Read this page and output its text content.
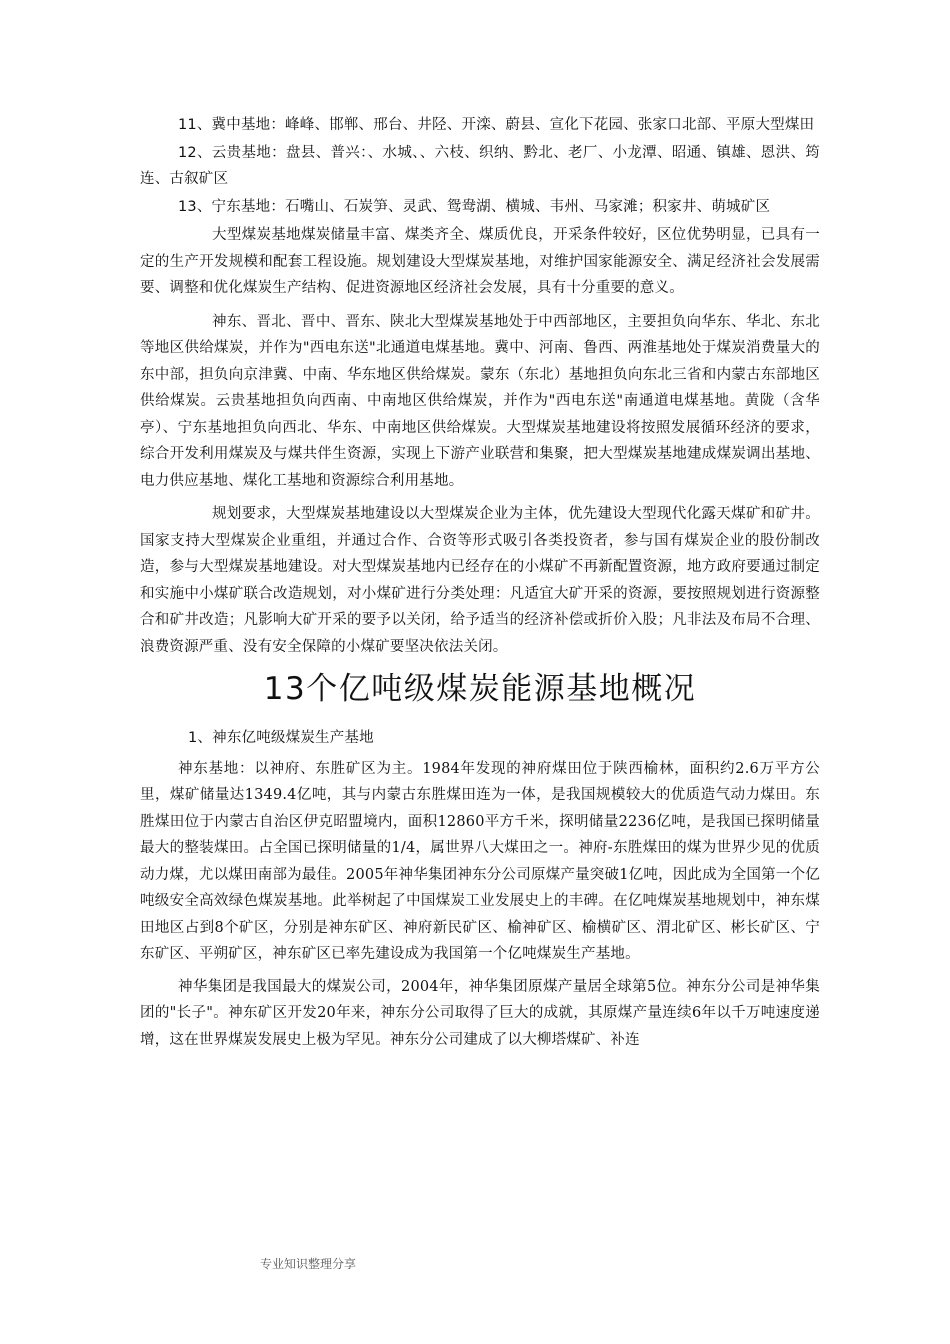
11、冀中基地：峰峰、邯郸、邢台、井陉、开滦、蔚县、宣化下花园、张家口北部、平原大型煤田

12、云贵基地：盘县、普兴：、水城、、六枝、织纳、黔北、老厂、小龙潭、昭通、镇雄、恩洪、筠连、古叙矿区

13、宁东基地：石嘴山、石炭笋、灵武、鸳鸯湖、横城、韦州、马家滩；积家井、萌城矿区

大型煤炭基地煤炭储量丰富、煤类齐全、煤质优良，开采条件较好，区位优势明显，已具有一定的生产开发规模和配套工程设施。规划建设大型煤炭基地，对维护国家能源安全、满足经济社会发展需要、调整和优化煤炭生产结构、促进资源地区经济社会发展，具有十分重要的意义。

神东、晋北、晋中、晋东、陕北大型煤炭基地处于中西部地区，主要担负向华东、华北、东北等地区供给煤炭，并作为"西电东送"北通道电煤基地。冀中、河南、鲁西、两淮基地处于煤炭消费量大的东中部，担负向京津冀、中南、华东地区供给煤炭。蒙东（东北）基地担负向东北三省和内蒙古东部地区供给煤炭。云贵基地担负向西南、中南地区供给煤炭，并作为"西电东送"南通道电煤基地。黄陇（含华亭）、宁东基地担负向西北、华东、中南地区供给煤炭。大型煤炭基地建设将按照发展循环经济的要求，综合开发利用煤炭及与煤共伴生资源，实现上下游产业联营和集聚，把大型煤炭基地建成煤炭调出基地、电力供应基地、煤化工基地和资源综合利用基地。

规划要求，大型煤炭基地建设以大型煤炭企业为主体，优先建设大型现代化露天煤矿和矿井。国家支持大型煤炭企业重组，并通过合作、合资等形式吸引各类投资者，参与国有煤炭企业的股份制改造，参与大型煤炭基地建设。对大型煤炭基地内已经存在的小煤矿不再新配置资源，地方政府要通过制定和实施中小煤矿联合改造规划，对小煤矿进行分类处理：凡适宜大矿开采的资源，要按照规划进行资源整合和矿井改造；凡影响大矿开采的要予以关闭，给予适当的经济补偿或折价入股；凡非法及布局不合理、浪费资源严重、没有安全保障的小煤矿要坚决依法关闭。

13个亿吨级煤炭能源基地概况

1、神东亿吨级煤炭生产基地

神东基地：以神府、东胜矿区为主。1984年发现的神府煤田位于陕西榆林，面积约2.6万平方公里，煤矿储量达1349.4亿吨，其与内蒙古东胜煤田连为一体，是我国规模较大的优质造气动力煤田。东胜煤田位于内蒙古自治区伊克昭盟境内，面积12860平方千米，探明储量2236亿吨，是我国已探明储量最大的整装煤田。占全国已探明储量的1/4，属世界八大煤田之一。神府-东胜煤田的煤为世界少见的优质动力煤，尤以煤田南部为最佳。2005年神华集团神东分公司原煤产量突破1亿吨，因此成为全国第一个亿吨级安全高效绿色煤炭基地。此举树起了中国煤炭工业发展史上的丰碑。在亿吨煤炭基地规划中，神东煤田地区占到8个矿区，分别是神东矿区、神府新民矿区、榆神矿区、榆横矿区、渭北矿区、彬长矿区、宁东矿区、平朔矿区，神东矿区已率先建设成为我国第一个亿吨煤炭生产基地。

神华集团是我国最大的煤炭公司，2004年，神华集团原煤产量居全球第5位。神东分公司是神华集团的"长子"。神东矿区开发20年来，神东分公司取得了巨大的成就，其原煤产量连续6年以千万吨速度递增，这在世界煤炭发展史上极为罕见。神东分公司建成了以大柳塔煤矿、补连

专业知识整理分享
